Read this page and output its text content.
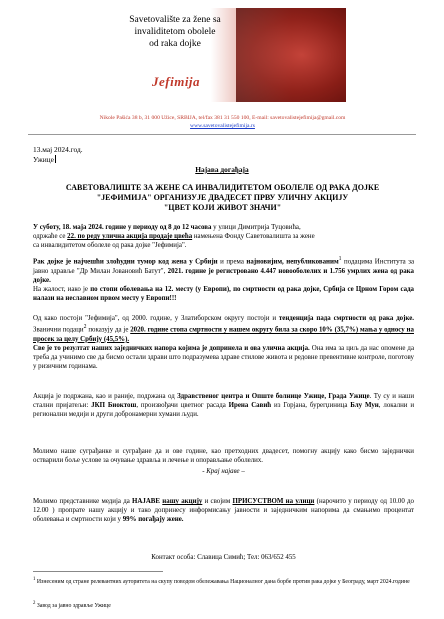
Savetovalište za žene sa
invaliditetom obolele
od raka dojke
Jefimija
Nikole Pašića 38 b, 31 000 Užice, SRBIJA, tel/fax 381 31 550 100, E-mail: savetovalistejefimija@gmail.com
www.savetovalistejefimija.rs
13.мај 2024.год.
Ужице
Најава догађаја
САВЕТОВАЛИШТЕ ЗА ЖЕНЕ СА ИНВАЛИДИТЕТОМ ОБОЛЕЛЕ ОД РАКА ДОЈКЕ
"ЈЕФИМИЈА" ОРГАНИЗУЈЕ ДВАДЕСЕТ ПРВУ УЛИЧНУ АКЦИЈУ
"ЦВЕТ КОЈИ ЖИВОТ ЗНАЧИ"
У суботу, 18. маја 2024. године у периоду од 8 до 12 часова у улици Димитрија Туцовића,
одржаће се 22. по реду улична акција продаје цвећа намењена Фонду Саветовалишта за жене
са инвалидитетом оболеле од рака дојке "Јефимија".
Рак дојке је најчешћи злоћудни тумор код жена у Србији и према најновијим, непубликованим$^1$ подацима Института за јавно здравље "Др Милан Јовановић Батут", 2021. године је регистровано 4.447 новооболелих и 1.756 умрлих жена од рака дојке.
На жалост, иако је по стопи оболевања на 12. месту (у Европи), по смртности од рака дојке, Србија се Црном Гором сада налази на неславном првом месту у Европи!!!
Од како постоји "Јефимија", од 2000. године, у Златиборском округу постоји и тенденција пада смртности од рака дојке. Званични подаци$^2$ показују да је 2020. године стопа смртности у нашем округу била за скоро 10% (35,7%) мања у односу на просек за целу Србију (45,5%).
Све је то резултат наших заједничких напора којима је допринела и ова улична акција. Она има за циљ да нас опомене да треба да учинимо све да бисмо остали здрави што подразумева здраве стилове живота и редовне превентивне контроле, поготову у ризичним годинама.
Акција је подржана, као и раније, подржана од Здравственог центра и Опште болнице Ужице, Града Ужице. Ту су и наши стални пријатељи: ЈКП Биоктош, произвођачи цветног расада Ирена Савић из Горјана, бурегџиница Блу Мун, локални и регионални медији и други добронамерни хумани људи.
Молимо наше суграђанке и суграђане да и ове године, као претходних двадесет, помогну акцију како бисмо заједнички остварили боље услове за очување здравља и лечење и опорављање оболелих.
- Крај најаве –
Молимо представнике медија да НАЈАВЕ нашу акцију и својим ПРИСУСТВОМ на улици (нарочито у периоду од 10.00 до 12.00 ) пропрате нашу акцију и тако допринесу информисању јавности и заједничким напорима да смањимо процентат оболевања и смртности који у 99% погађају жене.
Контакт особа: Славица Симић; Тел: 063/652 455
$^1$ Изнесеним од стране релевантних ауторитета на скупу поводом обележавања Националног дана борбе против рака дојке у Београду, март 2024.године
$^2$ Завод за јавно здравље Ужице
